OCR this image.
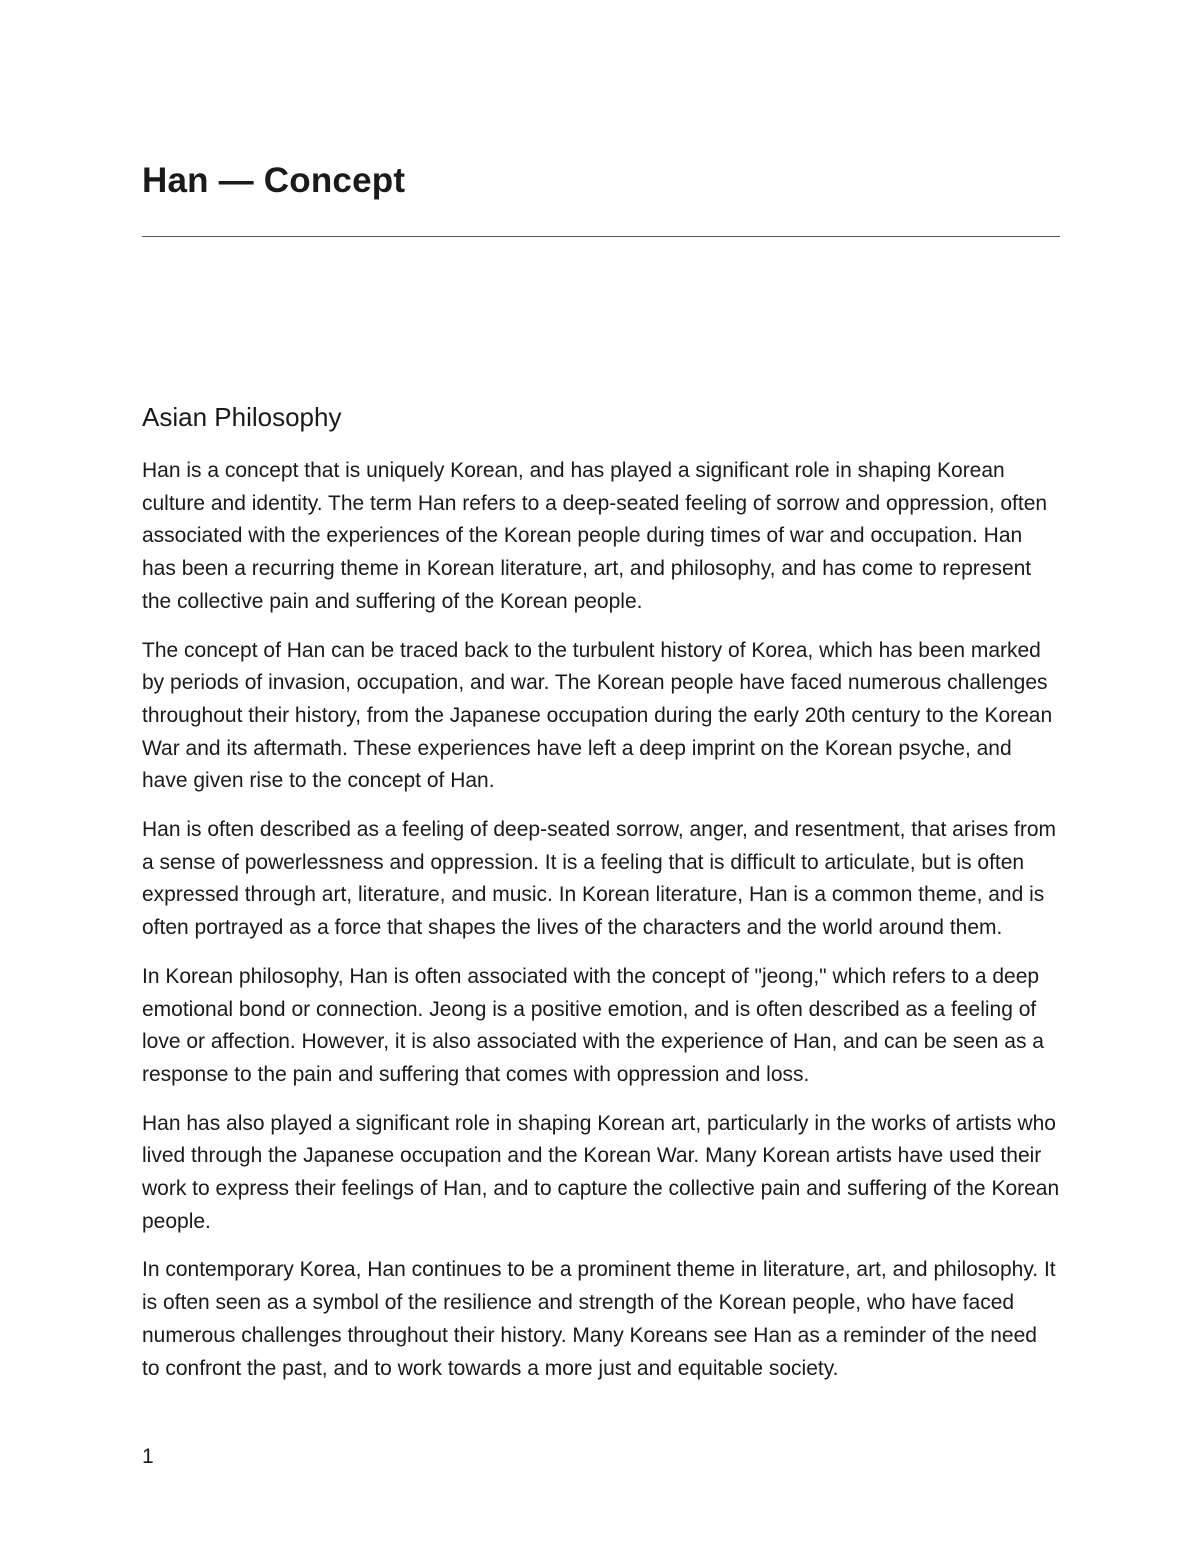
Han — Concept
Asian Philosophy

Han is a concept that is uniquely Korean, and has played a significant role in shaping Korean culture and identity. The term Han refers to a deep-seated feeling of sorrow and oppression, often associated with the experiences of the Korean people during times of war and occupation. Han has been a recurring theme in Korean literature, art, and philosophy, and has come to represent the collective pain and suffering of the Korean people.

The concept of Han can be traced back to the turbulent history of Korea, which has been marked by periods of invasion, occupation, and war. The Korean people have faced numerous challenges throughout their history, from the Japanese occupation during the early 20th century to the Korean War and its aftermath. These experiences have left a deep imprint on the Korean psyche, and have given rise to the concept of Han.

Han is often described as a feeling of deep-seated sorrow, anger, and resentment, that arises from a sense of powerlessness and oppression. It is a feeling that is difficult to articulate, but is often expressed through art, literature, and music. In Korean literature, Han is a common theme, and is often portrayed as a force that shapes the lives of the characters and the world around them.

In Korean philosophy, Han is often associated with the concept of "jeong," which refers to a deep emotional bond or connection. Jeong is a positive emotion, and is often described as a feeling of love or affection. However, it is also associated with the experience of Han, and can be seen as a response to the pain and suffering that comes with oppression and loss.

Han has also played a significant role in shaping Korean art, particularly in the works of artists who lived through the Japanese occupation and the Korean War. Many Korean artists have used their work to express their feelings of Han, and to capture the collective pain and suffering of the Korean people.

In contemporary Korea, Han continues to be a prominent theme in literature, art, and philosophy. It is often seen as a symbol of the resilience and strength of the Korean people, who have faced numerous challenges throughout their history. Many Koreans see Han as a reminder of the need to confront the past, and to work towards a more just and equitable society.

1
